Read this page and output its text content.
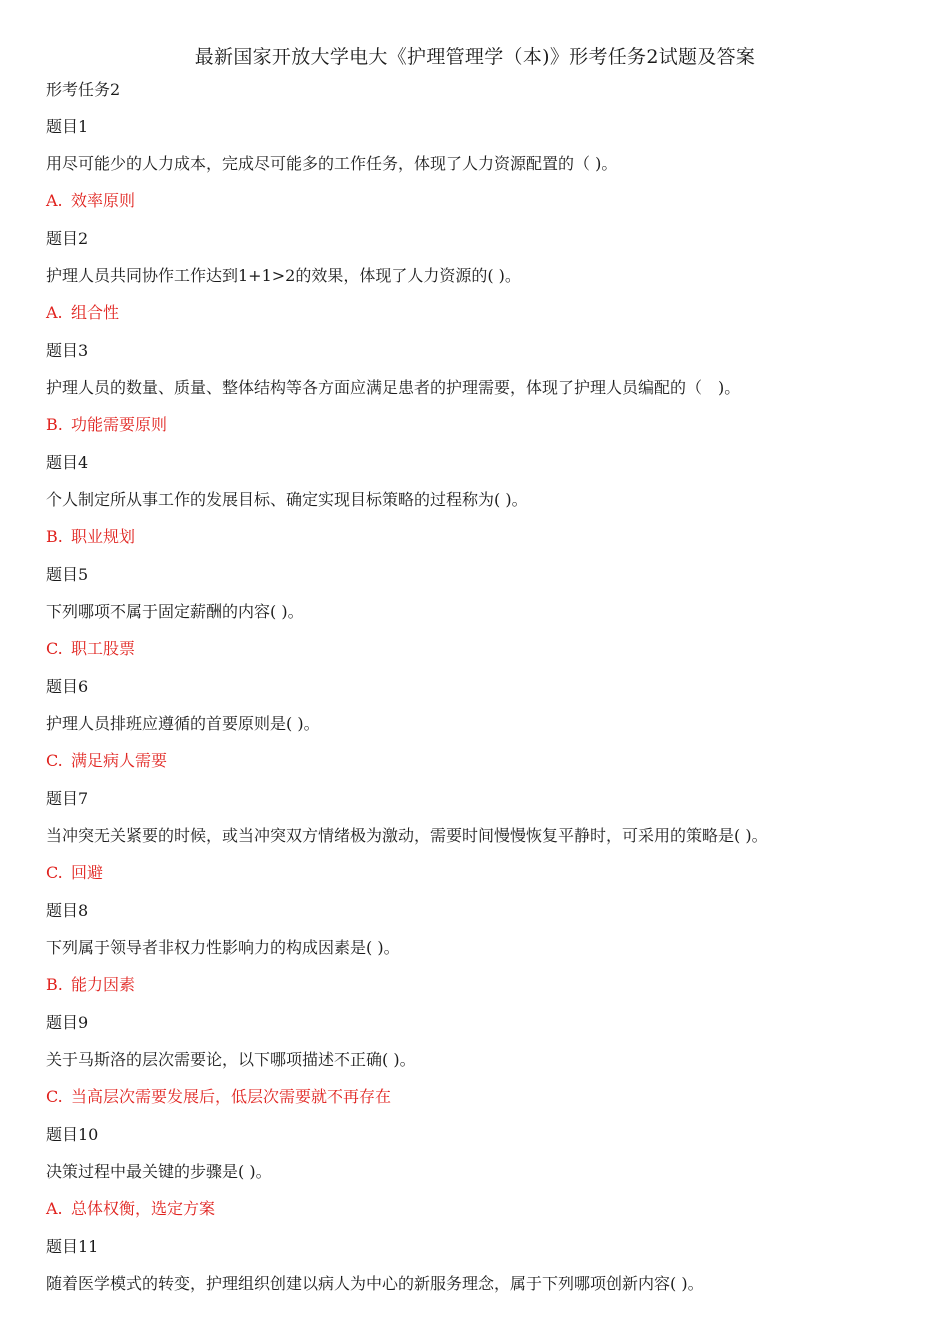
最新国家开放大学电大《护理管理学（本)》形考任务2试题及答案
形考任务2
题目1
用尽可能少的人力成本，完成尽可能多的工作任务，体现了人力资源配置的（ )。
A. 效率原则
题目2
护理人员共同协作工作达到1+1>2的效果，体现了人力资源的( )。
A. 组合性
题目3
护理人员的数量、质量、整体结构等各方面应满足患者的护理需要，体现了护理人员编配的（　)。
B. 功能需要原则
题目4
个人制定所从事工作的发展目标、确定实现目标策略的过程称为( )。
B. 职业规划
题目5
下列哪项不属于固定薪酬的内容( )。
C. 职工股票
题目6
护理人员排班应遵循的首要原则是( )。
C. 满足病人需要
题目7
当冲突无关紧要的时候，或当冲突双方情绪极为激动，需要时间慢慢恢复平静时，可采用的策略是( )。
C. 回避
题目8
下列属于领导者非权力性影响力的构成因素是( )。
B. 能力因素
题目9
关于马斯洛的层次需要论，以下哪项描述不正确( )。
C. 当高层次需要发展后，低层次需要就不再存在
题目10
决策过程中最关键的步骤是( )。
A. 总体权衡，选定方案
题目11
随着医学模式的转变，护理组织创建以病人为中心的新服务理念，属于下列哪项创新内容( )。
